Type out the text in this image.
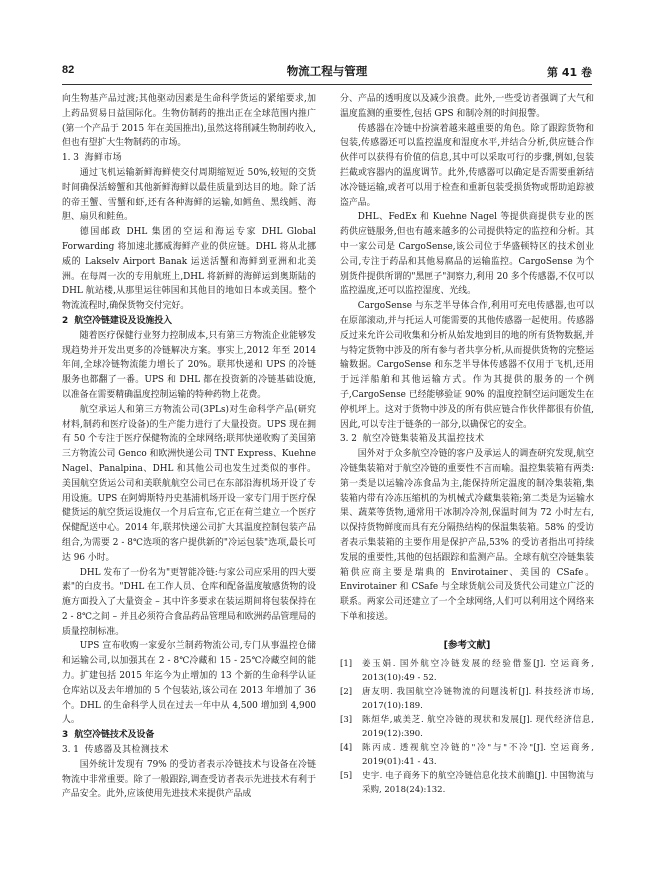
82	物流工程与管理	第 41 卷

向生物基产品过渡;其他驱动因素是生命科学货运的紧缩要求,加上药品贸易日益国际化。生物仿制药的推出正在全球范围内推广(第一个产品于 2015 年在美国推出),虽然这将削减生物制药收入,但也有望扩大生物制药的市场。

1. 3 海鲜市场

通过飞机运输新鲜海鲜使交付周期缩短近 50%,较短的交货时间确保活螃蟹和其他新鲜海鲜以最佳质量到达目的地。除了活的帝王蟹、雪蟹和虾,还有各种海鲜的运输,如鳕鱼、黑线鳕、海胆、扇贝和鲑鱼。

德国邮政 DHL 集团的空运和海运专家 DHL Global Forwarding 将加速北挪威海鲜产业的供应链。DHL 将从北挪威的 Lakselv Airport Banak 运送活蟹和海鲜到亚洲和北美洲。在每周一次的专用航班上,DHL 将新鲜的海鲜运到奥斯陆的 DHL 航站楼,从那里运往韩国和其他目的地如日本或美国。整个物流流程时,确保货物交付完好。

2 航空冷链建设及设施投入

随着医疗保健行业努力控制成本,只有第三方物流企业能够发现趋势并开发出更多的冷链解决方案。事实上,2012 年至 2014 年间,全球冷链物流能力增长了 20%。联邦快递和 UPS 的冷链服务也都翻了一番。UPS 和 DHL 都在投资新的冷链基础设施,以准备在需要精确温度控制运输的特种药物上花费。

航空承运人和第三方物流公司(3PLs)对生命科学产品(研究材料,制药和医疗设备)的生产能力进行了大量投资。UPS 现在拥有 50 个专注于医疗保健物流的全球网络;联邦快递收购了美国第三方物流公司 Genco 和欧洲快递公司 TNT Express、Kuehne Nagel、Panalpina、DHL 和其他公司也发生过类似的事件。美国航空货运公司和美联航航空公司已在东部沿海机场开设了专用设施。UPS 在阿姆斯特丹史基浦机场开设一家专门用于医疗保健货运的航空货运设施仅一个月后宣布,它正在荷兰建立一个医疗保健配送中心。2014 年,联邦快递公司扩大其温度控制包装产品组合,为需要 2 - 8℃选项的客户提供新的"冷运包装"选项,最长可达 96 小时。

DHL 发布了一份名为"更智能冷链:与家公司应采用的四大要素"的白皮书。"DHL 在工作人员、仓库和配备温度敏感货物的设施方面投入了大量资金 – 其中许多要求在装运期间将包装保持在 2 - 8℃之间 – 并且必须符合食品药品管理局和欧洲药品管理局的质量控制标准。

UPS 宣布收购一家爱尔兰制药物流公司,专门从事温控仓储和运输公司,以加强其在 2 - 8℃冷藏和 15 - 25℃冷藏空间的能力。扩建包括 2015 年迄今为止增加的 13 个新的生命科学认证仓库站以及去年增加的 5 个包装站,该公司在 2013 年增加了 36 个。DHL 的生命科学人员在过去一年中从 4,500 增加到 4,900 人。

3 航空冷链技术及设备
3. 1 传感器及其检测技术

国外统计发现有 79% 的受访者表示冷链技术与设备在冷链物流中非常重要。除了一般跟踪,调查受访者表示先进技术有利于产品安全。此外,应该使用先进技术来提供产品成

分、产品的透明度以及减少浪费。此外,一些受访者强调了大气和温度监测的重要性,包括 GPS 和制冷剂的时间报警。

传感器在冷链中扮演着越来越重要的角色。除了跟踪货物和包装,传感器还可以监控温度和湿度水平,并结合分析,供应链合作伙伴可以获得有价值的信息,其中可以采取可行的步骤,例如,包装拦截或容器内的温度调节。此外,传感器可以确定是否需要重新结冰冷链运输,或者可以用于检查和重新包装受损货物或帮助追踪被盗产品。

DHL、FedEx 和 Kuehne Nagel 等提供商提供专业的医药供应链服务,但也有越来越多的公司提供特定的监控和分析。其中一家公司是 CargoSense,该公司位于华盛顿特区的技术创业公司,专注于药品和其他易腐品的运输监控。CargoSense 为个别货件提供所谓的"黑匣子"洞察力,利用 20 多个传感器,不仅可以监控温度,还可以监控湿度、光线。

CargoSense 与东芝半导体合作,利用可充电传感器,也可以在原部滚动,并与托运人可能需要的其他传感器一起使用。传感器反过来允许公司收集和分析从始发地到目的地的所有货物数据,并与特定货物中涉及的所有参与者共享分析,从而提供货物的完整运输数据。CargoSense 和东芝半导体传感器不仅用于飞机,还用于远洋船舶和其他运输方式。作为其提供的服务的一个例子,CargoSense 已经能够验证 90% 的温度控制空运问题发生在停机坪上。这对于货物中涉及的所有供应链合作伙伴都很有价值,因此,可以专注于链条的一部分,以确保它的安全。

3. 2 航空冷链集装箱及其温控技术

国外对于众多航空冷链的客户及承运人的调查研究发现,航空冷链集装箱对于航空冷链的重要性不言而喻。温控集装箱有两类:第一类是以运输冷冻食品为主,能保持所定温度的制冷集装箱,集装箱内带有冷冻压缩机的为机械式冷藏集装箱;第二类是为运输水果、蔬菜等货物,通常用干冰制冷冷剂,保温时间为 72 小时左右,以保持货物鲜度而具有充分隔热结构的保温集装箱。58% 的受访者表示集装箱的主要作用是保护产品,53% 的受访者指出可持续发展的重要性,其他的包括跟踪和监测产品。全球有航空冷链集装箱供应商主要是瑞典的 Envirotainer、美国的 CSafe。Envirotainer 和 CSafe 与全球货航公司及货代公司建立广泛的联系。两家公司还建立了一个全球网络,人们可以利用这个网络来下单和接送。

[参考文献]
[1] 姜玉娟. 国外航空冷链发展的经验借鉴[J]. 空运商务, 2013(10):49 - 52.
[2] 唐友明. 我国航空冷链物流的问题浅析[J]. 科技经济市场, 2017(10):189.
[3] 陈烜华,戚美芝. 航空冷链的现状和发展[J]. 现代经济信息, 2019(12):390.
[4] 陈丙成. 透视航空冷链的"冷"与"不冷"[J]. 空运商务, 2019(01):41 - 43.
[5] 史宇. 电子商务下的航空冷链信息化技术前瞻[J]. 中国物流与采购, 2018(24):132.
